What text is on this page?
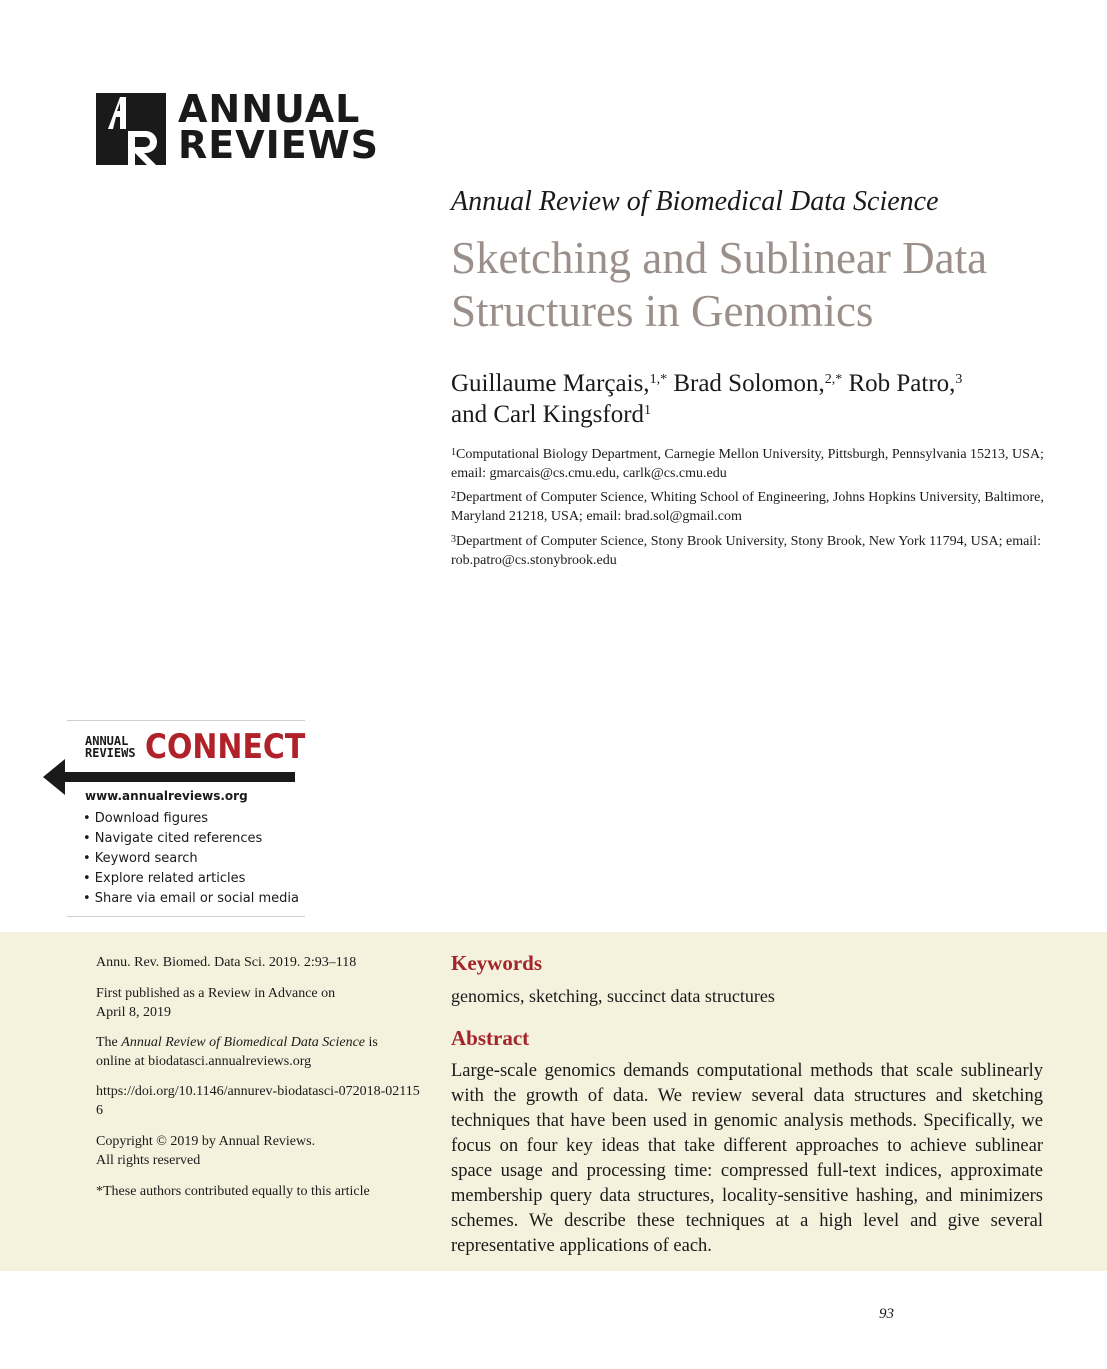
ANNUAL
REVIEWS
Annual Review of Biomedical Data Science
Sketching and Sublinear Data Structures in Genomics
Guillaume Marçais,$^{1,*}$ Brad Solomon,$^{2,*}$ Rob Patro,$^3$
and Carl Kingsford$^1$
$^1$Computational Biology Department, Carnegie Mellon University, Pittsburgh, Pennsylvania 15213, USA; email: gmarcais@cs.cmu.edu, carlk@cs.cmu.edu
$^2$Department of Computer Science, Whiting School of Engineering, Johns Hopkins University, Baltimore, Maryland 21218, USA; email: brad.sol@gmail.com
$^3$Department of Computer Science, Stony Brook University, Stony Brook, New York 11794, USA; email: rob.patro@cs.stonybrook.edu
ANNUAL
REVIEWS CONNECT
www.annualreviews.org
• Download figures
• Navigate cited references
• Keyword search
• Explore related articles
• Share via email or social media
Annu. Rev. Biomed. Data Sci. 2019. 2:93–118
First published as a Review in Advance on April 8, 2019
The Annual Review of Biomedical Data Science is online at biodatasci.annualreviews.org
https://doi.org/10.1146/annurev-biodatasci-072018-021156
Copyright © 2019 by Annual Reviews.
All rights reserved
*These authors contributed equally to this article
Keywords
genomics, sketching, succinct data structures
Abstract
Large-scale genomics demands computational methods that scale sublinearly with the growth of data. We review several data structures and sketching techniques that have been used in genomic analysis methods. Specifically, we focus on four key ideas that take different approaches to achieve sublinear space usage and processing time: compressed full-text indices, approximate membership query data structures, locality-sensitive hashing, and minimizers schemes. We describe these techniques at a high level and give several representative applications of each.
93
